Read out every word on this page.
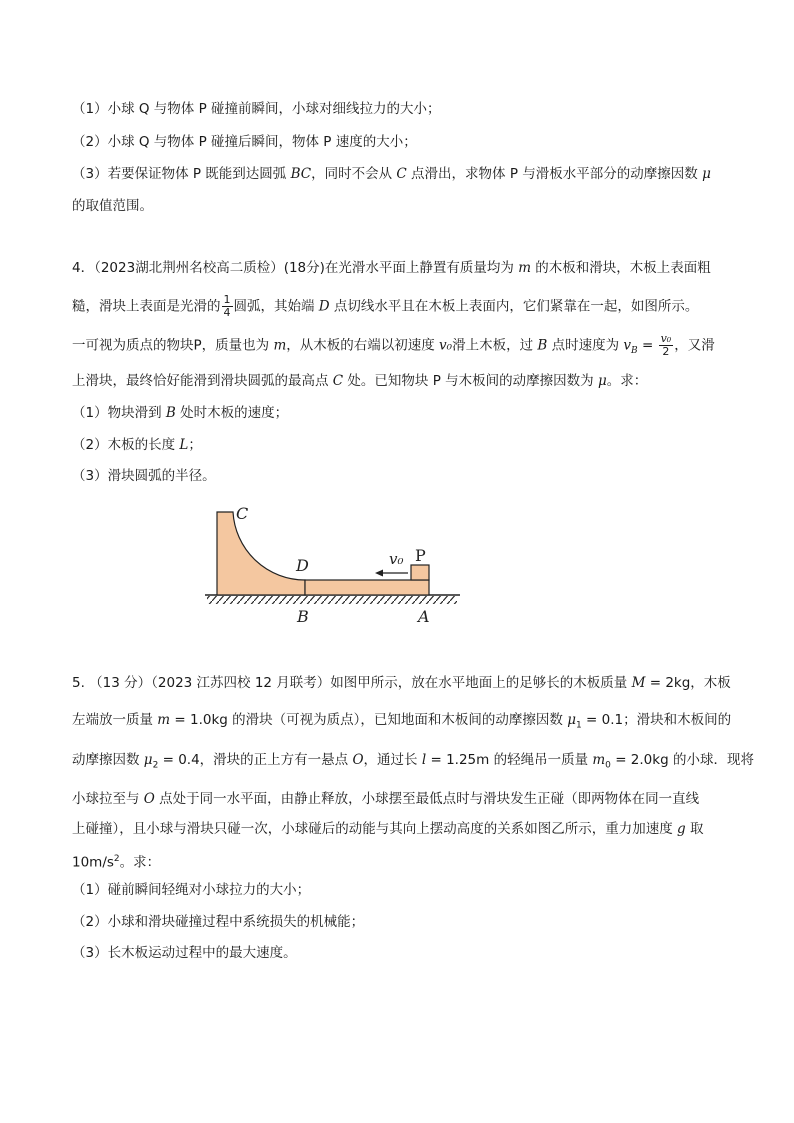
（1）小球 Q 与物体 P 碰撞前瞬间，小球对细线拉力的大小；
（2）小球 Q 与物体 P 碰撞后瞬间，物体 P 速度的大小；
（3）若要保证物体 P 既能到达圆弧 BC，同时不会从 C 点滑出，求物体 P 与滑板水平部分的动摩擦因数 μ
的取值范围。
4．（2023湖北荆州名校高二质检）(18分)在光滑水平面上静置有质量均为 m 的木板和滑块，木板上表面粗
糙，滑块上表面是光滑的 $\frac{1}{4}$ 圆弧，其始端 D 点切线水平且在木板上表面内，它们紧靠在一起，如图所示。
一可视为质点的物块P，质量也为 m，从木板的右端以初速度 v₀滑上木板，过 B 点时速度为 $v_B = \frac{\text{v₀}}{2}$ ，又滑
上滑块，最终恰好能滑到滑块圆弧的最高点 C 处。已知物块 P 与木板间的动摩擦因数为 μ。求：
（1）物块滑到 B 处时木板的速度；
（2）木板的长度 L；
（3）滑块圆弧的半径。
C
D
B	A
P
v₀
5. （13 分）（2023 江苏四校 12 月联考）如图甲所示，放在水平地面上的足够长的木板质量 M = 2kg，木板
左端放一质量 m = 1.0kg 的滑块（可视为质点），已知地面和木板间的动摩擦因数 $\mu_1 = 0.1$；滑块和木板间的
动摩擦因数 $\mu_2 = 0.4$，滑块的正上方有一悬点 O，通过长 l = 1.25m 的轻绳吊一质量 $m_0 = 2.0kg$ 的小球．现将
小球拉至与 O 点处于同一水平面，由静止释放，小球摆至最低点时与滑块发生正碰（即两物体在同一直线
上碰撞），且小球与滑块只碰一次，小球碰后的动能与其向上摆动高度的关系如图乙所示，重力加速度 g 取
$10m/s^2$。求：
（1）碰前瞬间轻绳对小球拉力的大小；
（2）小球和滑块碰撞过程中系统损失的机械能；
（3）长木板运动过程中的最大速度。
